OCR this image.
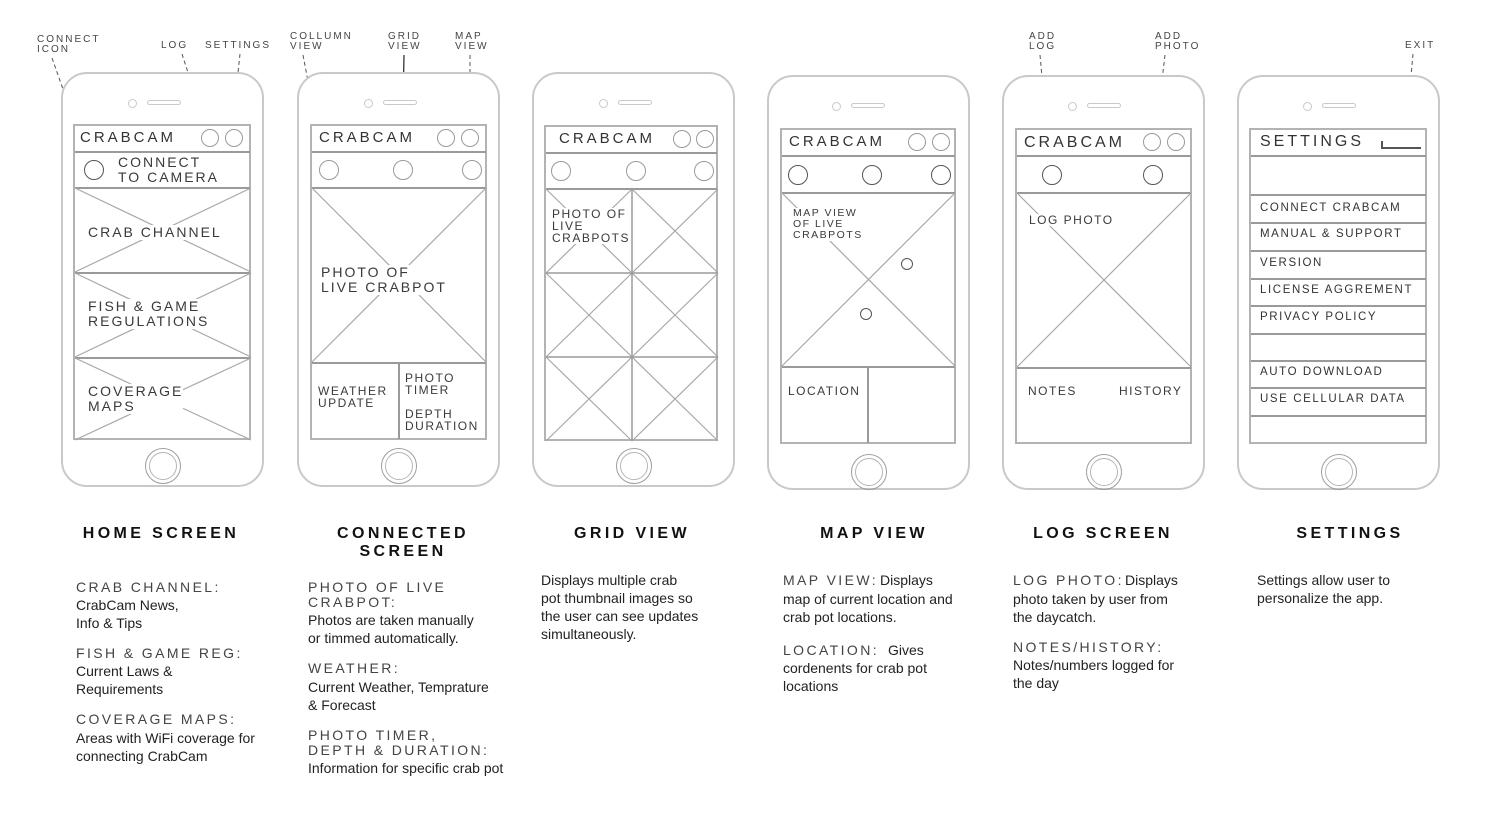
CONNECT
ICON	LOG SETTINGS
COLLUMN
VIEW
GRID
VIEW
MAP
VIEW
ADD
LOG
ADD
PHOTO	EXIT
CRABCAM
CONNECT
TO CAMERA
CRAB CHANNEL
FISH & GAME
REGULATIONS
COVERAGE
MAPS
CRABCAM
PHOTO OF
LIVE CRABPOT
WEATHER
UPDATE
PHOTO
TIMER
DEPTH
DURATION
CRABCAM
PHOTO OF
LIVE
CRABPOTS
CRABCAM
MAP VIEW
OF LIVE
CRABPOTS
LOCATION
CRABCAM
LOG PHOTO
NOTES	HISTORY
SETTINGS
CONNECT CRABCAM
MANUAL & SUPPORT
VERSION
LICENSE AGGREMENT
PRIVACY POLICY
AUTO DOWNLOAD
USE CELLULAR DATA
HOME SCREEN	CONNECTED
SCREEN
GRID VIEW	MAP VIEW	LOG SCREEN	SETTINGS
CRAB CHANNEL:
CrabCam News,
Info & Tips
FISH & GAME REG:
Current Laws &
Requirements
COVERAGE MAPS:
Areas with WiFi coverage for
connecting CrabCam
PHOTO OF LIVE
CRABPOT:
Photos are taken manually
or timmed automatically.
WEATHER:
Current Weather, Temprature
& Forecast
PHOTO TIMER,
DEPTH & DURATION:
Information for specific crab pot
Displays multiple crab
pot thumbnail images so
the user can see updates
simultaneously.
MAP VIEW: Displays
map of current location and
crab pot locations.
LOCATION: Gives
cordenents for crab pot
locations
LOG PHOTO: Displays
photo taken by user from
the daycatch.
NOTES/HISTORY:
Notes/numbers logged for
the day
Settings allow user to
personalize the app.
